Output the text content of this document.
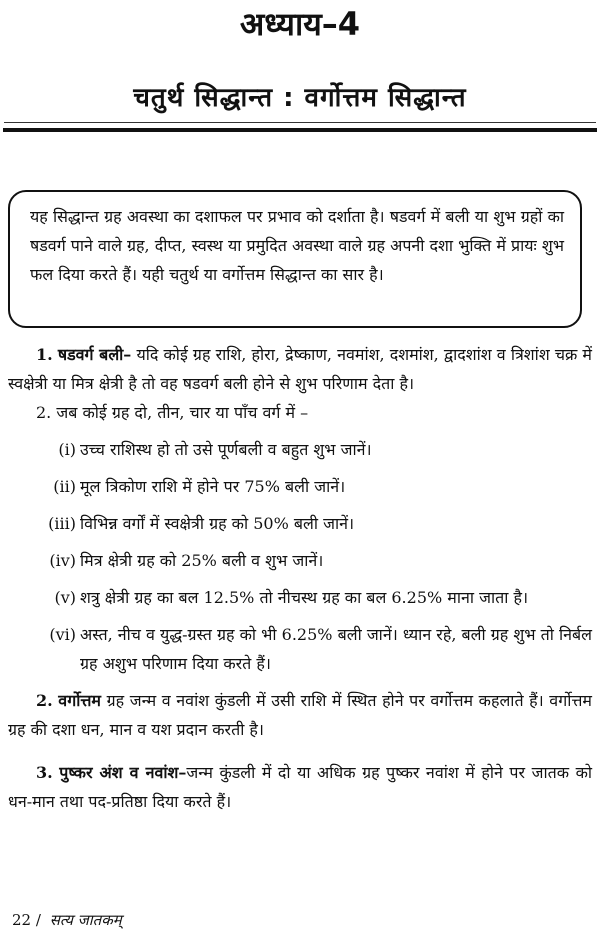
अध्याय–4
चतुर्थ सिद्धान्त : वर्गोत्तम सिद्धान्त
यह सिद्धान्त ग्रह अवस्था का दशाफल पर प्रभाव को दर्शाता है। षडवर्ग में बली या शुभ ग्रहों का षडवर्ग पाने वाले ग्रह, दीप्त, स्वस्थ या प्रमुदित अवस्था वाले ग्रह अपनी दशा भुक्ति में प्रायः शुभ फल दिया करते हैं। यही चतुर्थ या वर्गोत्तम सिद्धान्त का सार है।

1. षडवर्ग बली– यदि कोई ग्रह राशि, होरा, द्रेष्काण, नवमांश, दशमांश, द्वादशांश व त्रिशांश चक्र में स्वक्षेत्री या मित्र क्षेत्री है तो वह षडवर्ग बली होने से शुभ परिणाम देता है।

2. जब कोई ग्रह दो, तीन, चार या पाँच वर्ग में –

(i) उच्च राशिस्थ हो तो उसे पूर्णबली व बहुत शुभ जानें।

(ii) मूल त्रिकोण राशि में होने पर 75% बली जानें।

(iii) विभिन्न वर्गों में स्वक्षेत्री ग्रह को 50% बली जानें।

(iv) मित्र क्षेत्री ग्रह को 25% बली व शुभ जानें।

(v) शत्रु क्षेत्री ग्रह का बल 12.5% तो नीचस्थ ग्रह का बल 6.25% माना जाता है।

(vi) अस्त, नीच व युद्ध-ग्रस्त ग्रह को भी 6.25% बली जानें। ध्यान रहे, बली ग्रह शुभ तो निर्बल ग्रह अशुभ परिणाम दिया करते हैं।

2. वर्गोत्तम ग्रह जन्म व नवांश कुंडली में उसी राशि में स्थित होने पर वर्गोत्तम कहलाते हैं। वर्गोत्तम ग्रह की दशा धन, मान व यश प्रदान करती है।

3. पुष्कर अंश व नवांश–जन्म कुंडली में दो या अधिक ग्रह पुष्कर नवांश में होने पर जातक को धन-मान तथा पद-प्रतिष्ठा दिया करते हैं।

22 / सत्य जातकम्
